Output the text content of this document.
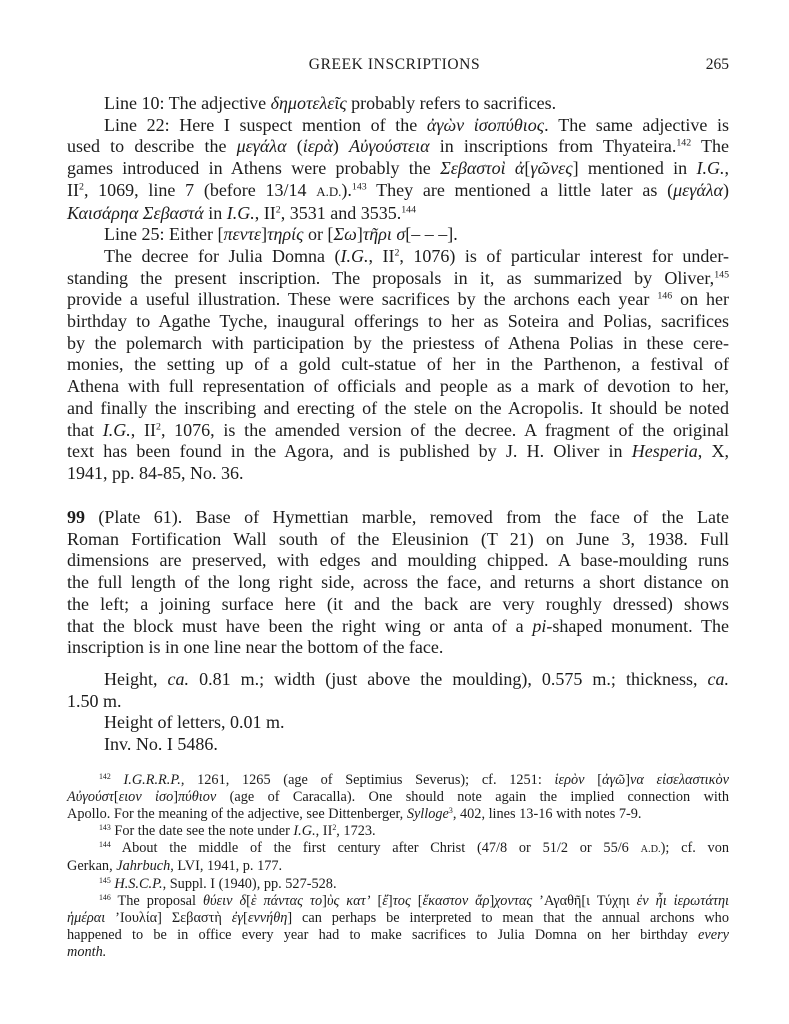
GREEK INSCRIPTIONS	265
Line 10: The adjective δημοτελεῖς probably refers to sacrifices.
Line 22: Here I suspect mention of the ἀγὼν ἰσοπύθιος. The same adjective is
used to describe the μεγάλα (ἱερὰ) Αὐγούστεια in inscriptions from Thyateira.$^{142}$ The
games introduced in Athens were probably the Σεβαστοὶ ἀ[γῶνες] mentioned in I.G.,
$II^2$, 1069, line 7 (before 13/14 A.D.).$^{143}$ They are mentioned a little later as (μεγάλα)
Καισάρηα Σεβαστά in I.G., $II^2$, 3531 and 3535.$^{144}$
Line 25: Either [πεντε]τηρίς or [Σω]τῆρι σ[– – –].
The decree for Julia Domna (I.G., $II^2$, 1076) is of particular interest for under-
standing the present inscription. The proposals in it, as summarized by Oliver,$^{145}$
provide a useful illustration. These were sacrifices by the archons each year $^{146}$ on her
birthday to Agathe Tyche, inaugural offerings to her as Soteira and Polias, sacrifices
by the polemarch with participation by the priestess of Athena Polias in these cere-
monies, the setting up of a gold cult-statue of her in the Parthenon, a festival of
Athena with full representation of officials and people as a mark of devotion to her,
and finally the inscribing and erecting of the stele on the Acropolis. It should be noted
that I.G., $II^2$, 1076, is the amended version of the decree. A fragment of the original
text has been found in the Agora, and is published by J. H. Oliver in Hesperia, X,
1941, pp. 84-85, No. 36.
99 (Plate 61). Base of Hymettian marble, removed from the face of the Late
Roman Fortification Wall south of the Eleusinion (T 21) on June 3, 1938. Full
dimensions are preserved, with edges and moulding chipped. A base-moulding runs
the full length of the long right side, across the face, and returns a short distance on
the left; a joining surface here (it and the back are very roughly dressed) shows
that the block must have been the right wing or anta of a pi-shaped monument. The
inscription is in one line near the bottom of the face.
Height, ca. 0.81 m.; width (just above the moulding), 0.575 m.; thickness, ca.
1.50 m.
Height of letters, 0.01 m.
Inv. No. I 5486.
$^{142}$ I.G.R.R.P., 1261, 1265 (age of Septimius Severus); cf. 1251: ἱερὸν [ἀγῶ]να εἰσελαστικὸν
Αὐγούστ[ειον ἰσο]πύθιον (age of Caracalla). One should note again the implied connection with
Apollo. For the meaning of the adjective, see Dittenberger, Sylloge$^3$, 402, lines 13-16 with notes 7-9.
$^{143}$ For the date see the note under I.G., $II^2$, 1723.
$^{144}$ About the middle of the first century after Christ (47/8 or 51/2 or 55/6 A.D.); cf. von
Gerkan, Jahrbuch, LVI, 1941, p. 177.
$^{145}$ H.S.C.P., Suppl. I (1940), pp. 527-528.
$^{146}$ The proposal θύειν δ[ὲ πάντας το]ὺς κατ’ [ἔ]τος [ἕκαστον ἄρ]χοντας ’Αγαθῆ[ι Τύχηι ἐν ἧι ἱερωτάτηι
ἡμέραι ’Ιουλία] Σεβαστὴ ἐγ[εννήθη] can perhaps be interpreted to mean that the annual archons who
happened to be in office every year had to make sacrifices to Julia Domna on her birthday every
month.
